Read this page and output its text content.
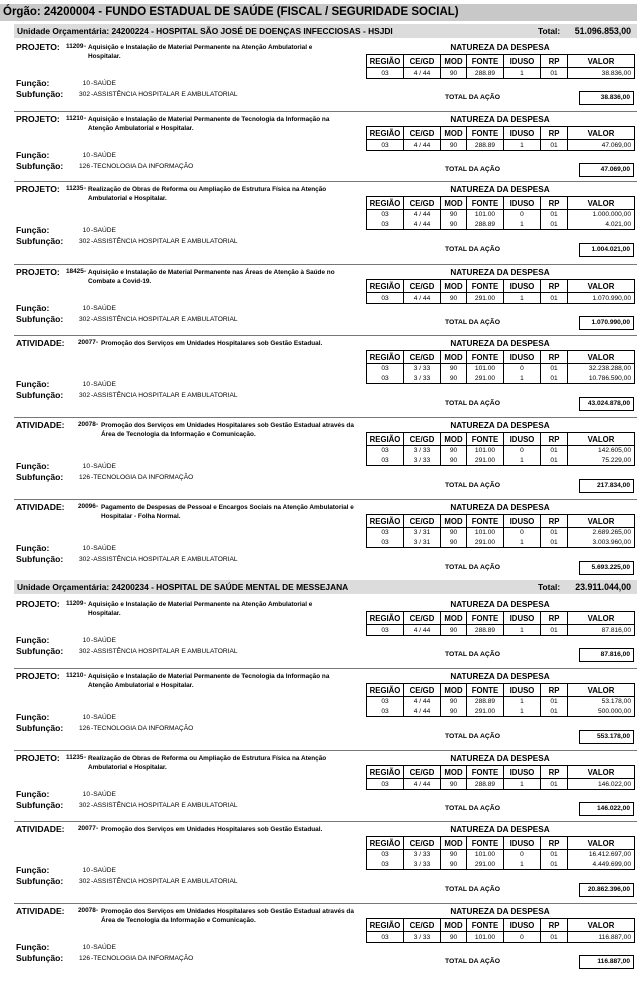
Órgão: 24200004 - FUNDO ESTADUAL DE SAÚDE (FISCAL / SEGURIDADE SOCIAL)
Unidade Orçamentária: 24200224 - HOSPITAL SÃO JOSÉ DE DOENÇAS INFECCIOSAS - HSJDI	Total: 51.096.853,00
PROJETO: 11209 - Aquisição e Instalação de Material Permanente na Atenção Ambulatorial e Hospitalar.
NATUREZA DA DESPESA
Função:	10 -SAÚDE
Subfunção:	302 -ASSISTÊNCIA HOSPITALAR E AMBULATORIAL
REGIÃO	CE/GD	MOD	FONTE	IDUSO	RP	VALOR
03	4 / 44	90	288.89	1	01	38.836,00
TOTAL DA AÇÃO	38.836,00
PROJETO: 11210 - Aquisição e Instalação de Material Permanente de Tecnologia da Informação na Atenção Ambulatorial e Hospitalar.
NATUREZA DA DESPESA
Função:	10 -SAÚDE
Subfunção:	126 -TECNOLOGIA DA INFORMAÇÃO
REGIÃO	CE/GD	MOD	FONTE	IDUSO	RP	VALOR
03	4 / 44	90	288.89	1	01	47.069,00
TOTAL DA AÇÃO	47.069,00
PROJETO: 11235 - Realização de Obras de Reforma ou Ampliação de Estrutura Física na Atenção Ambulatorial e Hospitalar.
NATUREZA DA DESPESA
Função:	10 -SAÚDE
Subfunção:	302 -ASSISTÊNCIA HOSPITALAR E AMBULATORIAL
REGIÃO	CE/GD	MOD	FONTE	IDUSO	RP	VALOR
03	4 / 44	90	101.00	0	01	1.000.000,00
03	4 / 44	90	288.89	1	01	4.021,00
TOTAL DA AÇÃO	1.004.021,00
PROJETO: 18425 - Aquisição e Instalação de Material Permanente nas Áreas de Atenção à Saúde no Combate a Covid-19.
NATUREZA DA DESPESA
Função:	10 -SAÚDE
Subfunção:	302 -ASSISTÊNCIA HOSPITALAR E AMBULATORIAL
REGIÃO	CE/GD	MOD	FONTE	IDUSO	RP	VALOR
03	4 / 44	90	291.00	1	01	1.070.990,00
TOTAL DA AÇÃO	1.070.990,00
ATIVIDADE: 20077 - Promoção dos Serviços em Unidades Hospitalares sob Gestão Estadual.	NATUREZA DA DESPESA
Função:	10 -SAÚDE
Subfunção:	302 -ASSISTÊNCIA HOSPITALAR E AMBULATORIAL
REGIÃO	CE/GD	MOD	FONTE	IDUSO	RP	VALOR
03	3 / 33	90	101.00	0	01	32.238.288,00
03	3 / 33	90	291.00	1	01	10.786.590,00
TOTAL DA AÇÃO	43.024.878,00
ATIVIDADE: 20078 - Promoção dos Serviços em Unidades Hospitalares sob Gestão Estadual através da Área de Tecnologia da Informação e Comunicação.
NATUREZA DA DESPESA
Função:	10 -SAÚDE
Subfunção:	126 -TECNOLOGIA DA INFORMAÇÃO
REGIÃO	CE/GD	MOD	FONTE	IDUSO	RP	VALOR
03	3 / 33	90	101.00	0	01	142.605,00
03	3 / 33	90	291.00	1	01	75.229,00
TOTAL DA AÇÃO	217.834,00
ATIVIDADE: 20096 - Pagamento de Despesas de Pessoal e Encargos Sociais na Atenção Ambulatorial e Hospitalar - Folha Normal.
NATUREZA DA DESPESA
Função:	10 -SAÚDE
Subfunção:	302 -ASSISTÊNCIA HOSPITALAR E AMBULATORIAL
REGIÃO	CE/GD	MOD	FONTE	IDUSO	RP	VALOR
03	3 / 31	90	101.00	0	01	2.689.265,00
03	3 / 31	90	291.00	1	01	3.003.960,00
TOTAL DA AÇÃO	5.693.225,00
Unidade Orçamentária: 24200234 - HOSPITAL DE SAÚDE MENTAL DE MESSEJANA	Total: 23.911.044,00
PROJETO: 11209 - Aquisição e Instalação de Material Permanente na Atenção Ambulatorial e Hospitalar.
NATUREZA DA DESPESA
Função:	10 -SAÚDE
Subfunção:	302 -ASSISTÊNCIA HOSPITALAR E AMBULATORIAL
REGIÃO	CE/GD	MOD	FONTE	IDUSO	RP	VALOR
03	4 / 44	90	288.89	1	01	87.816,00
TOTAL DA AÇÃO	87.816,00
PROJETO: 11210 - Aquisição e Instalação de Material Permanente de Tecnologia da Informação na Atenção Ambulatorial e Hospitalar.
NATUREZA DA DESPESA
Função:	10 -SAÚDE
Subfunção:	126 -TECNOLOGIA DA INFORMAÇÃO
REGIÃO	CE/GD	MOD	FONTE	IDUSO	RP	VALOR
03	4 / 44	90	288.89	1	01	53.178,00
03	4 / 44	90	291.00	1	01	500.000,00
TOTAL DA AÇÃO	553.178,00
PROJETO: 11235 - Realização de Obras de Reforma ou Ampliação de Estrutura Física na Atenção Ambulatorial e Hospitalar.
NATUREZA DA DESPESA
Função:	10 -SAÚDE
Subfunção:	302 -ASSISTÊNCIA HOSPITALAR E AMBULATORIAL
REGIÃO	CE/GD	MOD	FONTE	IDUSO	RP	VALOR
03	4 / 44	90	288.89	1	01	146.022,00
TOTAL DA AÇÃO	146.022,00
ATIVIDADE: 20077 - Promoção dos Serviços em Unidades Hospitalares sob Gestão Estadual.	NATUREZA DA DESPESA
Função:	10 -SAÚDE
Subfunção:	302 -ASSISTÊNCIA HOSPITALAR E AMBULATORIAL
REGIÃO	CE/GD	MOD	FONTE	IDUSO	RP	VALOR
03	3 / 33	90	101.00	0	01	16.412.697,00
03	3 / 33	90	291.00	1	01	4.449.699,00
TOTAL DA AÇÃO	20.862.396,00
ATIVIDADE: 20078 - Promoção dos Serviços em Unidades Hospitalares sob Gestão Estadual através da Área de Tecnologia da Informação e Comunicação.
NATUREZA DA DESPESA
Função:	10 -SAÚDE
Subfunção:	126 -TECNOLOGIA DA INFORMAÇÃO
REGIÃO	CE/GD	MOD	FONTE	IDUSO	RP	VALOR
03	3 / 33	90	101.00	0	01	116.887,00
TOTAL DA AÇÃO	116.887,00
